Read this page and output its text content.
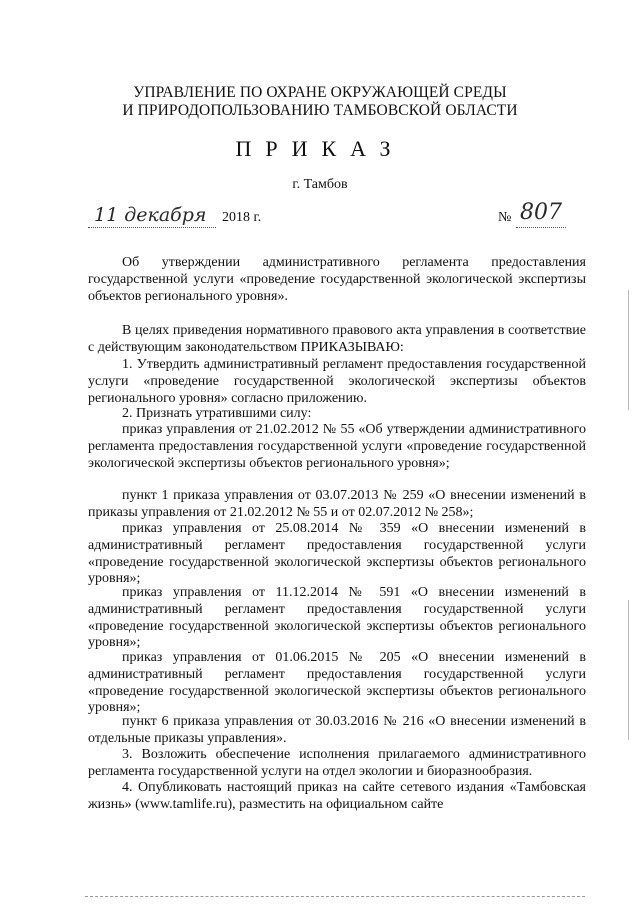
УПРАВЛЕНИЕ ПО ОХРАНЕ ОКРУЖАЮЩЕЙ СРЕДЫ
И ПРИРОДОПОЛЬЗОВАНИЮ ТАМБОВСКОЙ ОБЛАСТИ
ПРИКАЗ
г. Тамбов
11 декабря 2018 г.	№ 807

Об утверждении административного регламента предоставления государственной услуги «проведение государственной экологической экспертизы объектов регионального уровня».

В целях приведения нормативного правового акта управления в соответствие с действующим законодательством ПРИКАЗЫВАЮ:

1. Утвердить административный регламент предоставления государственной услуги «проведение государственной экологической экспертизы объектов регионального уровня» согласно приложению.

2. Признать утратившими силу:

приказ управления от 21.02.2012 № 55 «Об утверждении административного регламента предоставления государственной услуги «проведение государственной экологической экспертизы объектов регионального уровня»;

пункт 1 приказа управления от 03.07.2013 № 259 «О внесении изменений в приказы управления от 21.02.2012 № 55 и от 02.07.2012 № 258»;

приказ управления от 25.08.2014 № 359 «О внесении изменений в административный регламент предоставления государственной услуги «проведение государственной экологической экспертизы объектов регионального уровня»;

приказ управления от 11.12.2014 № 591 «О внесении изменений в административный регламент предоставления государственной услуги «проведение государственной экологической экспертизы объектов регионального уровня»;

приказ управления от 01.06.2015 № 205 «О внесении изменений в административный регламент предоставления государственной услуги «проведение государственной экологической экспертизы объектов регионального уровня»;

пункт 6 приказа управления от 30.03.2016 № 216 «О внесении изменений в отдельные приказы управления».

3. Возложить обеспечение исполнения прилагаемого административного регламента государственной услуги на отдел экологии и биоразнообразия.

4. Опубликовать настоящий приказ на сайте сетевого издания «Тамбовская жизнь» (www.tamlife.ru), разместить на официальном сайте
